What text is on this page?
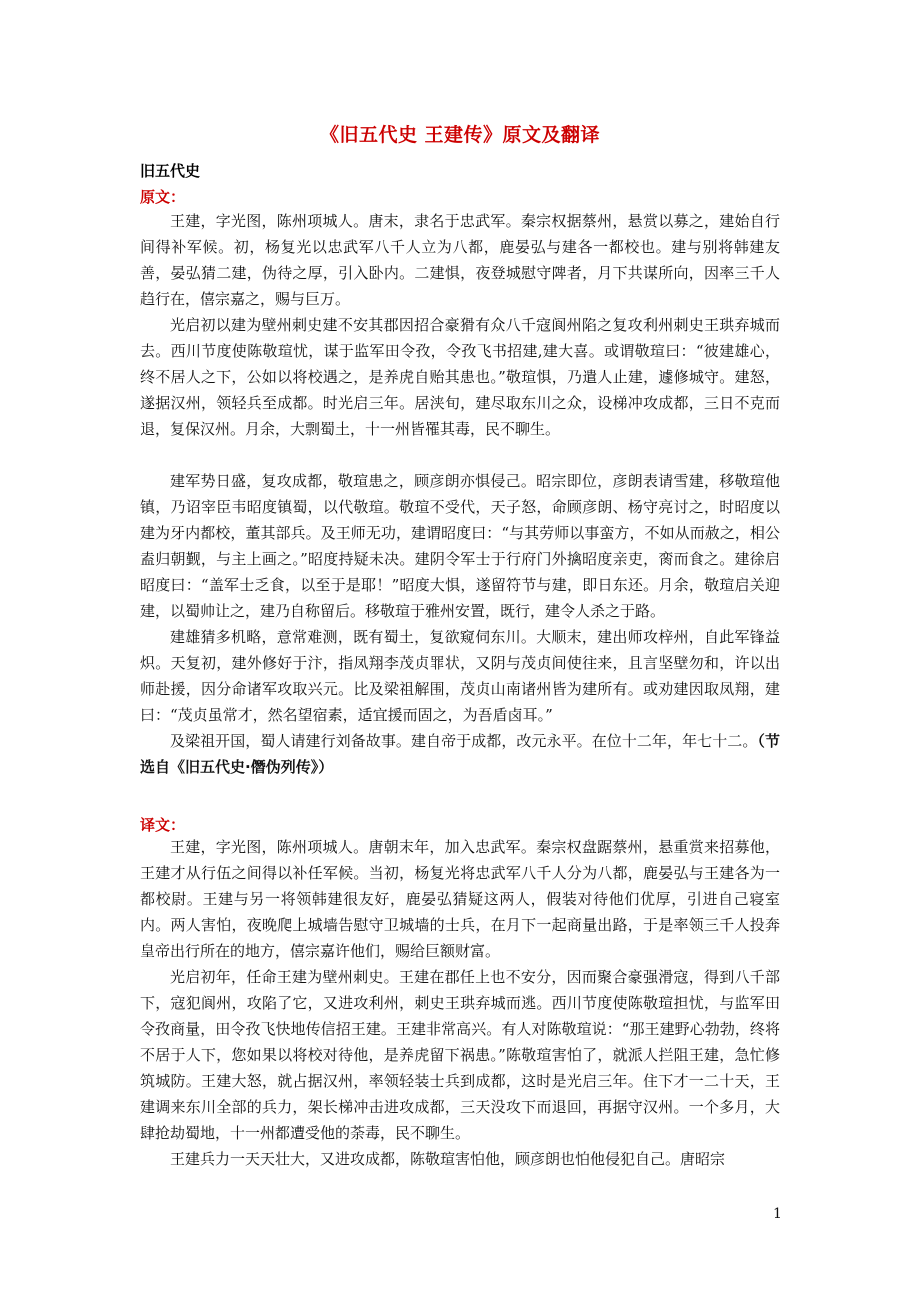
《旧五代史 王建传》原文及翻译
旧五代史
原文：

王建，字光图，陈州项城人。唐末，隶名于忠武军。秦宗权据蔡州，悬赏以募之，建始自行间得补军候。初，杨复光以忠武军八千人立为八都，鹿晏弘与建各一都校也。建与别将韩建友善，晏弘猜二建，伪待之厚，引入卧内。二建惧，夜登城慰守陴者，月下共谋所向，因率三千人趋行在，僖宗嘉之，赐与巨万。

光启初以建为壁州刺史建不安其郡因招合豪猾有众八千寇阆州陷之复攻利州刺史王珙弃城而去。西川节度使陈敬瑄忧，谋于监军田令孜，令孜飞书招建,建大喜。或谓敬瑄曰：“彼建雄心，终不居人之下，公如以将校遇之，是养虎自贻其患也。”敬瑄惧，乃遣人止建，遽修城守。建怒，遂据汉州，领轻兵至成都。时光启三年。居浃旬，建尽取东川之众，设梯冲攻成都，三日不克而退，复保汉州。月余，大剽蜀土，十一州皆罹其毒，民不聊生。

建军势日盛，复攻成都，敬瑄患之，顾彦朗亦惧侵己。昭宗即位，彦朗表请雪建，移敬瑄他镇，乃诏宰臣韦昭度镇蜀，以代敬瑄。敬瑄不受代，天子怒，命顾彦朗、杨守亮讨之，时昭度以建为牙内都校，董其部兵。及王师无功，建谓昭度曰：“与其劳师以事蛮方，不如从而赦之，相公盍归朝觐，与主上画之。”昭度持疑未决。建阴令军士于行府门外擒昭度亲吏，脔而食之。建徐启昭度曰：“盖军士乏食，以至于是耶！”昭度大惧，遂留符节与建，即日东还。月余，敬瑄启关迎建，以蜀帅让之，建乃自称留后。移敬瑄于雅州安置，既行，建令人杀之于路。

建雄猜多机略，意常难测，既有蜀土，复欲窥伺东川。大顺末，建出师攻梓州，自此军锋益炽。天复初，建外修好于汴，指凤翔李茂贞罪状，又阴与茂贞间使往来，且言坚壁勿和，许以出师赴援，因分命诸军攻取兴元。比及梁祖解围，茂贞山南诸州皆为建所有。或劝建因取凤翔，建曰：“茂贞虽常才，然名望宿素，适宜援而固之，为吾盾卤耳。”

及梁祖开国，蜀人请建行刘备故事。建自帝于成都，改元永平。在位十二年，年七十二。（节选自《旧五代史·僭伪列传》）

译文：

王建，字光图，陈州项城人。唐朝末年，加入忠武军。秦宗权盘踞蔡州，悬重赏来招募他，王建才从行伍之间得以补任军候。当初，杨复光将忠武军八千人分为八都，鹿晏弘与王建各为一都校尉。王建与另一将领韩建很友好，鹿晏弘猜疑这两人，假装对待他们优厚，引进自己寝室内。两人害怕，夜晚爬上城墙告慰守卫城墙的士兵，在月下一起商量出路，于是率领三千人投奔皇帝出行所在的地方，僖宗嘉许他们，赐给巨额财富。

光启初年，任命王建为壁州刺史。王建在郡任上也不安分，因而聚合豪强滑寇，得到八千部下，寇犯阆州，攻陷了它，又进攻利州，刺史王珙弃城而逃。西川节度使陈敬瑄担忧，与监军田令孜商量，田令孜飞快地传信招王建。王建非常高兴。有人对陈敬瑄说：“那王建野心勃勃，终将不居于人下，您如果以将校对待他，是养虎留下祸患。”陈敬瑄害怕了，就派人拦阻王建，急忙修筑城防。王建大怒，就占据汉州，率领轻装士兵到成都，这时是光启三年。住下才一二十天，王建调来东川全部的兵力，架长梯冲击进攻成都，三天没攻下而退回，再据守汉州。一个多月，大肆抢劫蜀地，十一州都遭受他的荼毒，民不聊生。

王建兵力一天天壮大，又进攻成都，陈敬瑄害怕他，顾彦朗也怕他侵犯自己。唐昭宗

1
